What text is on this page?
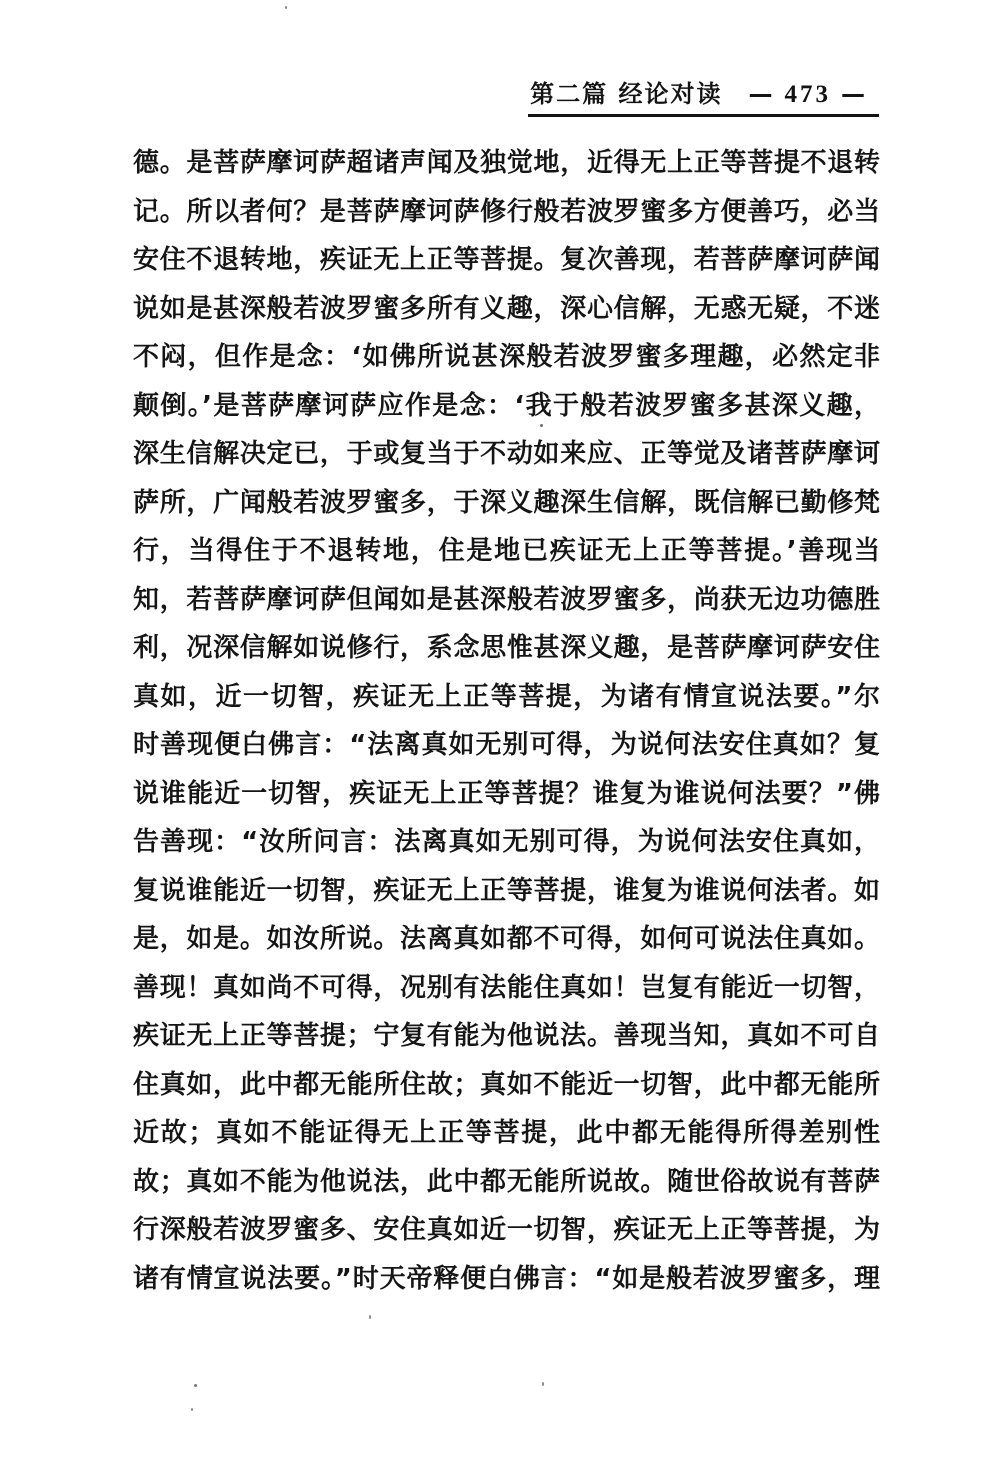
第二篇 经论对读	— 473 —
德。是菩萨摩诃萨超诸声闻及独觉地，近得无上正等菩提不退转
记。所以者何？是菩萨摩诃萨修行般若波罗蜜多方便善巧，必当
安住不退转地，疾证无上正等菩提。复次善现，若菩萨摩诃萨闻
说如是甚深般若波罗蜜多所有义趣，深心信解，无惑无疑，不迷
不闷，但作是念：‘如佛所说甚深般若波罗蜜多理趣，必然定非
颠倒。’是菩萨摩诃萨应作是念：‘我于般若波罗蜜多甚深义趣，
深生信解决定已，于或复当于不动如来应、正等觉及诸菩萨摩诃
萨所，广闻般若波罗蜜多，于深义趣深生信解，既信解已勤修梵
行，当得住于不退转地，住是地已疾证无上正等菩提。’善现当
知，若菩萨摩诃萨但闻如是甚深般若波罗蜜多，尚获无边功德胜
利，况深信解如说修行，系念思惟甚深义趣，是菩萨摩诃萨安住
真如，近一切智，疾证无上正等菩提，为诸有情宣说法要。”尔
时善现便白佛言：“法离真如无别可得，为说何法安住真如？复
说谁能近一切智，疾证无上正等菩提？谁复为谁说何法要？”佛
告善现：“汝所问言：法离真如无别可得，为说何法安住真如，
复说谁能近一切智，疾证无上正等菩提，谁复为谁说何法者。如
是，如是。如汝所说。法离真如都不可得，如何可说法住真如。
善现！真如尚不可得，况别有法能住真如！岂复有能近一切智，
疾证无上正等菩提；宁复有能为他说法。善现当知，真如不可自
住真如，此中都无能所住故；真如不能近一切智，此中都无能所
近故；真如不能证得无上正等菩提，此中都无能得所得差别性
故；真如不能为他说法，此中都无能所说故。随世俗故说有菩萨
行深般若波罗蜜多、安住真如近一切智，疾证无上正等菩提，为
诸有情宣说法要。”时天帝释便白佛言：“如是般若波罗蜜多，理
